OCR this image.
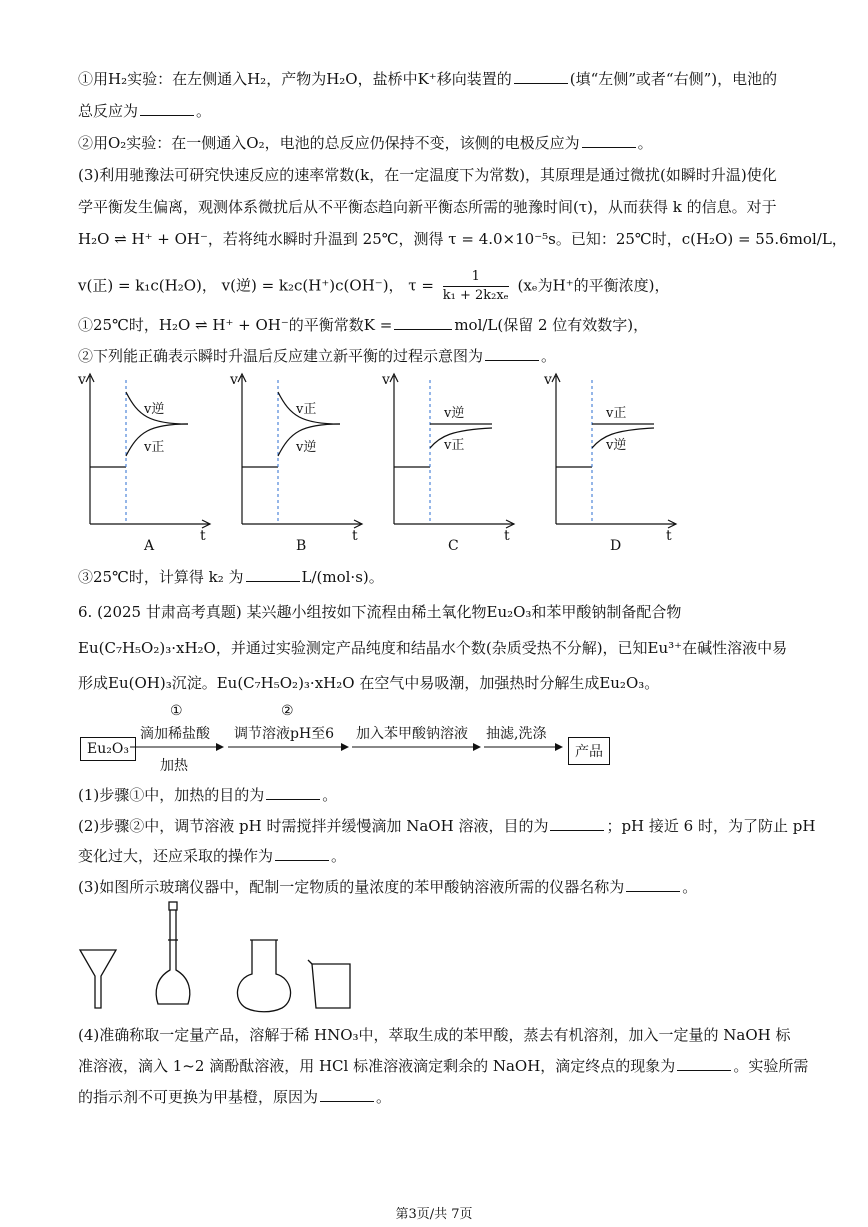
①用H₂实验：在左侧通入H₂，产物为H₂O，盐桥中K⁺移向装置的	(填“左侧”或者“右侧”)，电池的
总反应为	。
②用O₂实验：在一侧通入O₂，电池的总反应仍保持不变，该侧的电极反应为	。
(3)利用驰豫法可研究快速反应的速率常数(k，在一定温度下为常数)，其原理是通过微扰(如瞬时升温)使化
学平衡发生偏离，观测体系微扰后从不平衡态趋向新平衡态所需的驰豫时间(τ)，从而获得 k 的信息。对于
H₂O ⇌ H⁺ + OH⁻，若将纯水瞬时升温到 25℃，测得 τ = 4.0×10⁻⁵s。已知：25℃时，c(H₂O) = 55.6mol/L，
v(正) = k₁c(H₂O)， v(逆) = k₂c(H⁺)c(OH⁻)， $\tau = \frac{1}{\text{k₁ + 2k₂xₑ}} (x_e$为H⁺的平衡浓度)，
①25℃时，H₂O ⇌ H⁺ + OH⁻的平衡常数K =	mol/L(保留 2 位有效数字)，
②下列能正确表示瞬时升温后反应建立新平衡的过程示意图为	。
v
t
A
v逆
v正
v
t
B
v正
v逆
v
t
C
v逆
v正
v
t
D
v正
v逆
③25℃时，计算得 k₂ 为	L/(mol·s)。
6. (2025 甘肃高考真题) 某兴趣小组按如下流程由稀土氧化物Eu₂O₃和苯甲酸钠制备配合物
Eu(C₇H₅O₂)₃·xH₂O，并通过实验测定产品纯度和结晶水个数(杂质受热不分解)，已知Eu³⁺在碱性溶液中易
形成Eu(OH)₃沉淀。Eu(C₇H₅O₂)₃·xH₂O 在空气中易吸潮，加强热时分解生成Eu₂O₃。
Eu₂O₃
①
滴加稀盐酸
加热
②
调节溶液pH至6 加入苯甲酸钠溶液 抽滤,洗涤
产品
(1)步骤①中，加热的目的为	。
(2)步骤②中，调节溶液 pH 时需搅拌并缓慢滴加 NaOH 溶液，目的为	；pH 接近 6 时，为了防止 pH
变化过大，还应采取的操作为	。
(3)如图所示玻璃仪器中，配制一定物质的量浓度的苯甲酸钠溶液所需的仪器名称为	。
(4)准确称取一定量产品，溶解于稀 HNO₃中，萃取生成的苯甲酸，蒸去有机溶剂，加入一定量的 NaOH 标
准溶液，滴入 1~2 滴酚酞溶液，用 HCl 标准溶液滴定剩余的 NaOH，滴定终点的现象为	。实验所需
的指示剂不可更换为甲基橙，原因为	。
第3页/共 7页
